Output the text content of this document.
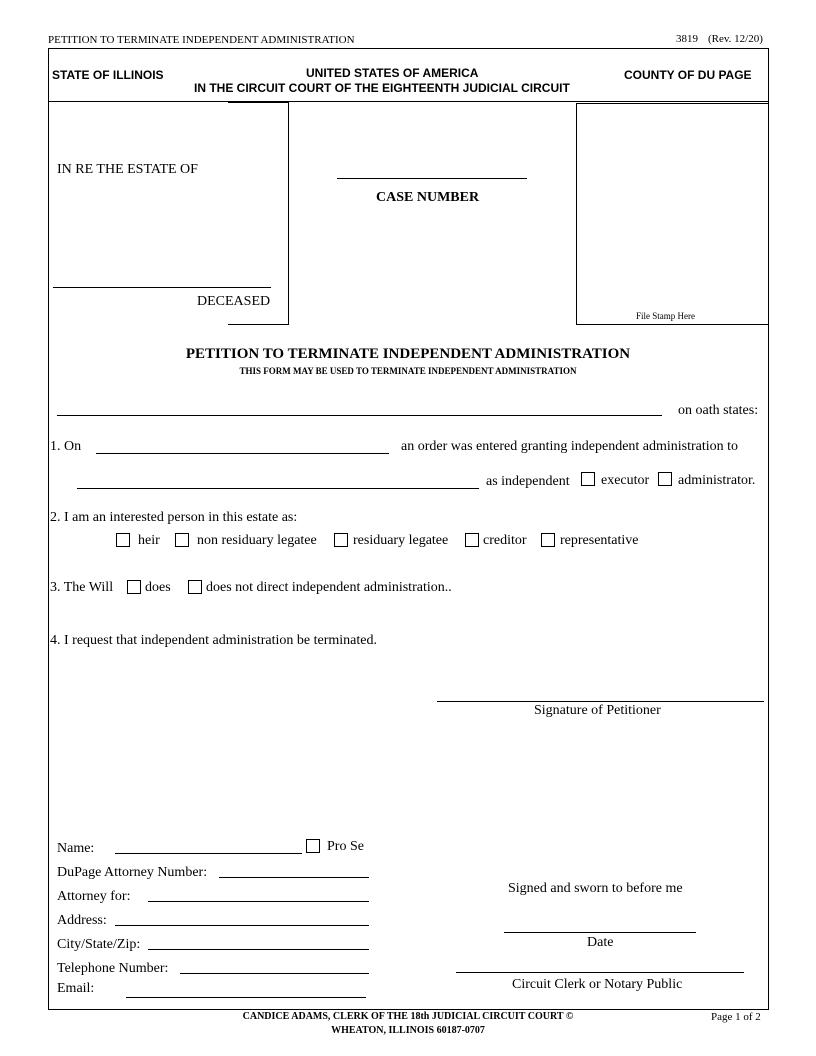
PETITION TO TERMINATE INDEPENDENT ADMINISTRATION	3819 (Rev. 12/20)
STATE OF ILLINOIS	UNITED STATES OF AMERICA
IN THE CIRCUIT COURT OF THE EIGHTEENTH JUDICIAL CIRCUIT
COUNTY OF DU PAGE
IN RE THE ESTATE OF
DECEASED
CASE NUMBER
File Stamp Here
PETITION TO TERMINATE INDEPENDENT ADMINISTRATION
THIS FORM MAY BE USED TO TERMINATE INDEPENDENT ADMINISTRATION
on oath states:
1. On	an order was entered granting independent administration to
as independent executor administrator.
2. I am an interested person in this estate as:
heir	non residuary legatee	residuary legatee creditor representative
3. The Will does	does not direct independent administration..
4. I request that independent administration be terminated.
Signature of Petitioner
Name:	Pro Se
DuPage Attorney Number:
Attorney for:
Address:
City/State/Zip:
Telephone Number:
Email:
Signed and sworn to before me
Date
Circuit Clerk or Notary Public
CANDICE ADAMS, CLERK OF THE 18th JUDICIAL CIRCUIT COURT ©
WHEATON, ILLINOIS 60187-0707
Page 1 of 2
